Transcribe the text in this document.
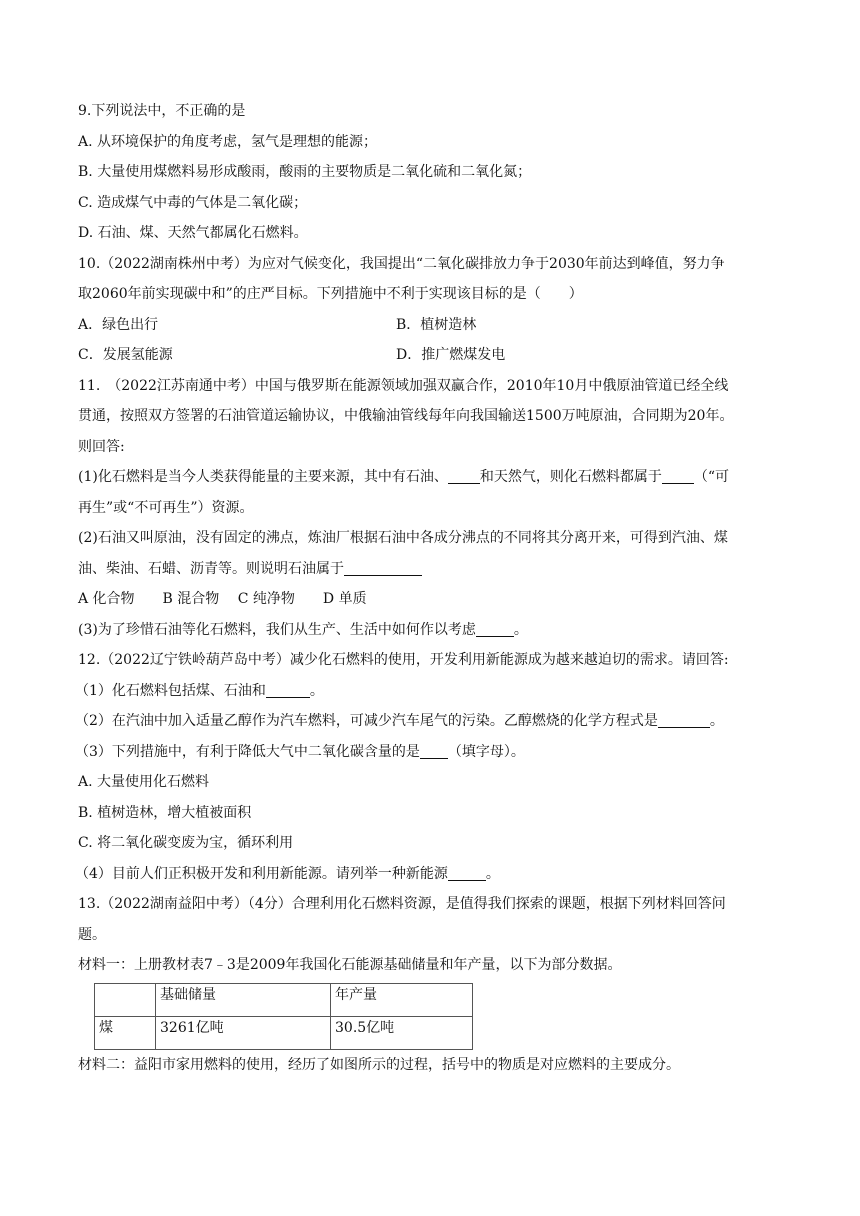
9.下列说法中，不正确的是

A. 从环境保护的角度考虑，氢气是理想的能源；

B. 大量使用煤燃料易形成酸雨，酸雨的主要物质是二氧化硫和二氧化氮；

C. 造成煤气中毒的气体是二氧化碳；

D. 石油、煤、天然气都属化石燃料。

10.（2022湖南株州中考）为应对气候变化，我国提出“二氧化碳排放力争于2030年前达到峰值，努力争

取2060年前实现碳中和”的庄严目标。下列措施中不利于实现该目标的是（　　）

A．绿色出行	B．植树造林

C．发展氢能源	D．推广燃煤发电

11.　（2022江苏南通中考）中国与俄罗斯在能源领域加强双赢合作，2010年10月中俄原油管道已经全线

贯通，按照双方签署的石油管道运输协议，中俄输油管线每年向我国输送1500万吨原油，合同期为20年。

则回答:

(1)化石燃料是当今人类获得能量的主要来源，其中有石油、 和天然气，则化石燃料都属于 （“可

再生”或“不可再生”）资源。

(2)石油又叫原油，没有固定的沸点，炼油厂根据石油中各成分沸点的不同将其分离开来，可得到汽油、煤

油、柴油、石蜡、沥青等。则说明石油属于

A 化合物　　B 混合物　 C 纯净物　　D 单质

(3)为了珍惜石油等化石燃料，我们从生产、生活中如何作以考虑	。

12.（2022辽宁铁岭葫芦岛中考）减少化石燃料的使用，开发利用新能源成为越来越迫切的需求。请回答:

（1）化石燃料包括煤、石油和	。

（2）在汽油中加入适量乙醇作为汽车燃料，可减少汽车尾气的污染。乙醇燃烧的化学方程式是	。

（3）下列措施中，有利于降低大气中二氧化碳含量的是 （填字母）。

A. 大量使用化石燃料

B. 植树造林，增大植被面积

C. 将二氧化碳变废为宝，循环利用

（4）目前人们正积极开发和利用新能源。请列举一种新能源	。

13.（2022湖南益阳中考）（4分）合理利用化石燃料资源，是值得我们探索的课题，根据下列材料回答问

题。

材料一：上册教材表7﹣3是2009年我国化石能源基础储量和年产量，以下为部分数据。

	基础储量	年产量
煤	3261亿吨	30.5亿吨

材料二：益阳市家用燃料的使用，经历了如图所示的过程，括号中的物质是对应燃料的主要成分。
